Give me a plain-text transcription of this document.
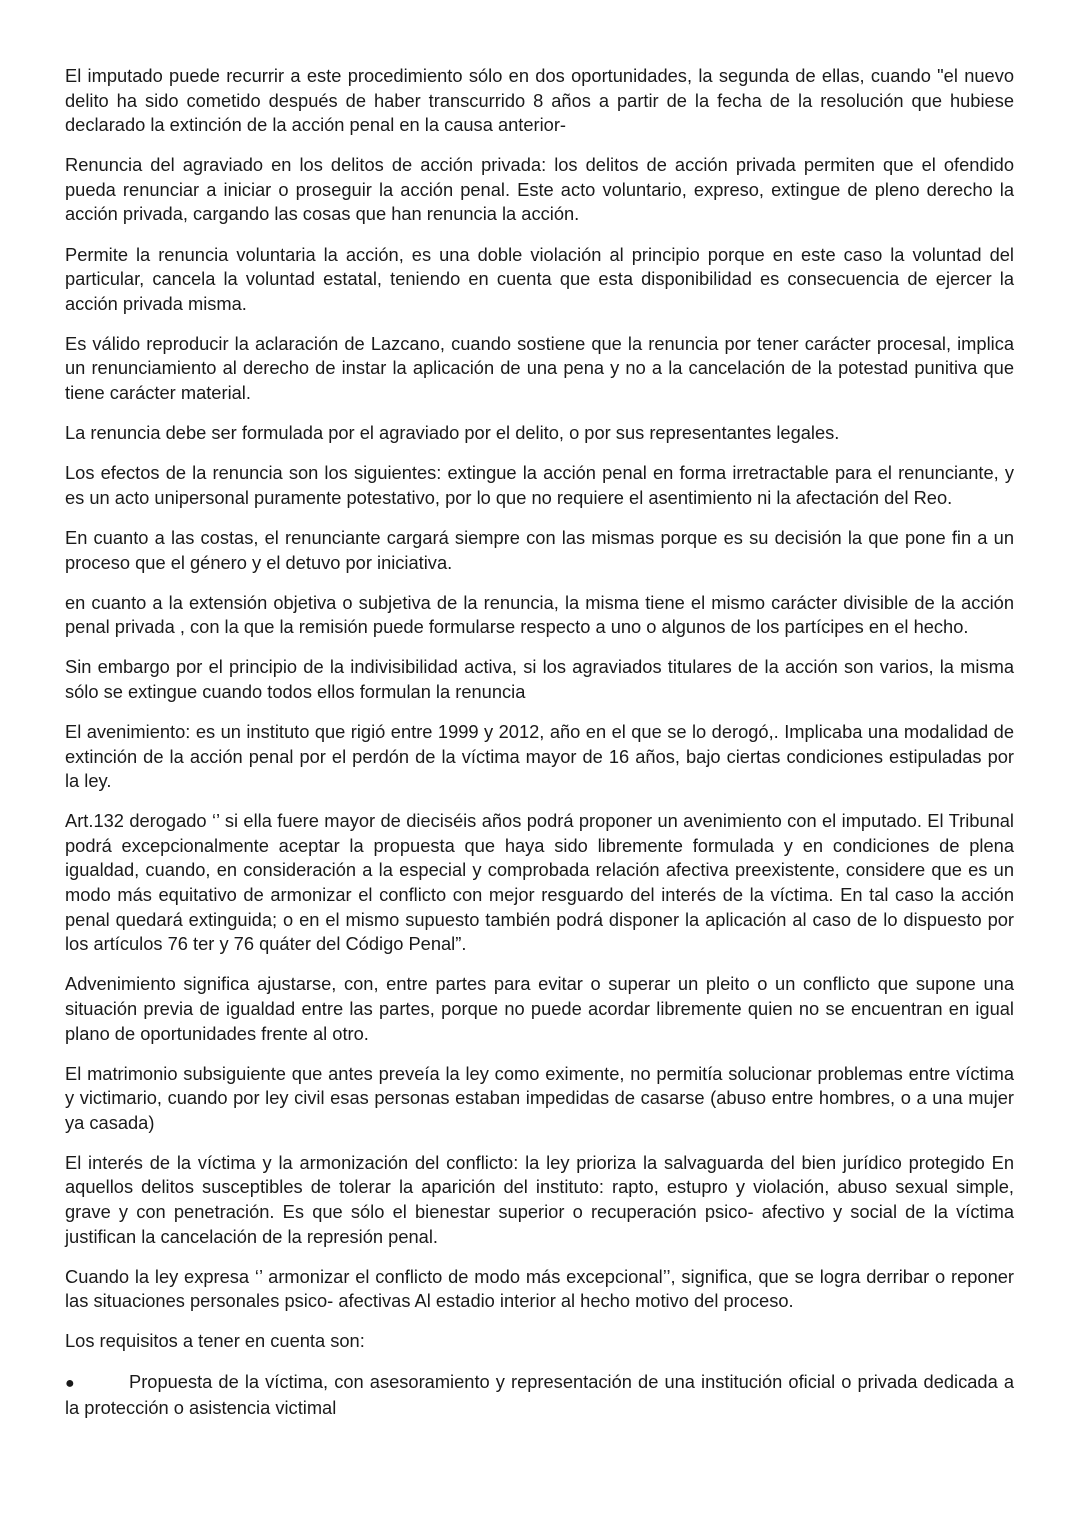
El imputado puede recurrir a este procedimiento sólo en dos oportunidades, la segunda de ellas, cuando "el nuevo delito ha sido cometido después de haber transcurrido 8 años a partir de la fecha de la resolución que hubiese declarado la extinción de la acción penal en la causa anterior-

Renuncia del agraviado en los delitos de acción privada: los delitos de acción privada permiten que el ofendido pueda renunciar a iniciar o proseguir la acción penal. Este acto voluntario, expreso, extingue de pleno derecho la acción privada, cargando las cosas que han renuncia la acción.

Permite la renuncia voluntaria la acción, es una doble violación al principio porque en este caso la voluntad del particular, cancela la voluntad estatal, teniendo en cuenta que esta disponibilidad es consecuencia de ejercer la acción privada misma.

Es válido reproducir la aclaración de Lazcano, cuando sostiene que la renuncia por tener carácter procesal, implica un renunciamiento al derecho de instar la aplicación de una pena y no a la cancelación de la potestad punitiva que tiene carácter material.

La renuncia debe ser formulada por el agraviado por el delito, o por sus representantes legales.

Los efectos de la renuncia son los siguientes: extingue la acción penal en forma irretractable para el renunciante, y es un acto unipersonal puramente potestativo, por lo que no requiere el asentimiento ni la afectación del Reo.

En cuanto a las costas, el renunciante cargará siempre con las mismas porque es su decisión la que pone fin a un proceso que el género y el detuvo por iniciativa.

en cuanto a la extensión objetiva o subjetiva de la renuncia, la misma tiene el mismo carácter divisible de la acción penal privada , con la que la remisión puede formularse respecto a uno o algunos de los partícipes en el hecho.

Sin embargo por el principio de la indivisibilidad activa, si los agraviados titulares de la acción son varios, la misma sólo se extingue cuando todos ellos formulan la renuncia

El avenimiento: es un instituto que rigió entre 1999 y 2012, año en el que se lo derogó,. Implicaba una modalidad de extinción de la acción penal por el perdón de la víctima mayor de 16 años, bajo ciertas condiciones estipuladas por la ley.

Art.132 derogado ‘’ si ella fuere mayor de dieciséis años podrá proponer un avenimiento con el imputado. El Tribunal podrá excepcionalmente aceptar la propuesta que haya sido libremente formulada y en condiciones de plena igualdad, cuando, en consideración a la especial y comprobada relación afectiva preexistente, considere que es un modo más equitativo de armonizar el conflicto con mejor resguardo del interés de la víctima. En tal caso la acción penal quedará extinguida; o en el mismo supuesto también podrá disponer la aplicación al caso de lo dispuesto por los artículos 76 ter y 76 quáter del Código Penal”.

Advenimiento significa ajustarse, con, entre partes para evitar o superar un pleito o un conflicto que supone una situación previa de igualdad entre las partes, porque no puede acordar libremente quien no se encuentran en igual plano de oportunidades frente al otro.

El matrimonio subsiguiente que antes preveía la ley como eximente, no permitía solucionar problemas entre víctima y victimario, cuando por ley civil esas personas estaban impedidas de casarse (abuso entre hombres, o a una mujer ya casada)

El interés de la víctima y la armonización del conflicto: la ley prioriza la salvaguarda del bien jurídico protegido En aquellos delitos susceptibles de tolerar la aparición del instituto: rapto, estupro y violación, abuso sexual simple, grave y con penetración. Es que sólo el bienestar superior o recuperación psico- afectivo y social de la víctima justifican la cancelación de la represión penal.

Cuando la ley expresa ‘’ armonizar el conflicto de modo más excepcional’’, significa, que se logra derribar o reponer las situaciones personales psico- afectivas Al estadio interior al hecho motivo del proceso.

Los requisitos a tener en cuenta son:

●	Propuesta de la víctima, con asesoramiento y representación de una institución oficial o privada dedicada a la protección o asistencia victimal
